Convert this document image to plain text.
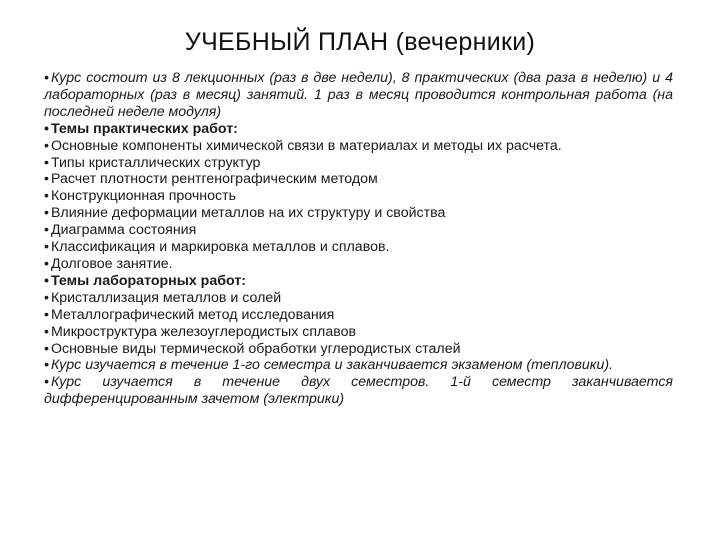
УЧЕБНЫЙ ПЛАН (вечерники)

• Курс состоит из 8 лекционных (раз в две недели), 8 практических (два раза в неделю) и 4 лабораторных (раз в месяц) занятий. 1 раз в месяц проводится контрольная работа (на последней неделе модуля)

• Темы практических работ:

• Основные компоненты химической связи в материалах и методы их расчета.

• Типы кристаллических структур

• Расчет плотности рентгенографическим методом

• Конструкционная прочность

• Влияние деформации металлов на их структуру и свойства

• Диаграмма состояния

• Классификация и маркировка металлов и сплавов.

• Долговое занятие.

• Темы лабораторных работ:

• Кристаллизация металлов и солей

• Металлографический метод исследования

• Микроструктура железоуглеродистых сплавов

• Основные виды термической обработки углеродистых сталей

• Курс изучается в течение 1-го семестра и заканчивается экзаменом (тепловики).

• Курс изучается в течение двух семестров. 1-й семестр заканчивается дифференцированным зачетом (электрики)
